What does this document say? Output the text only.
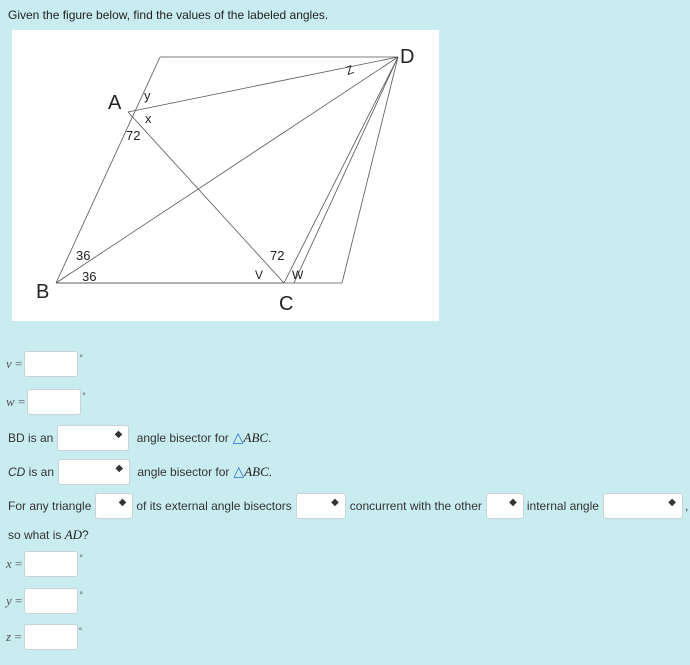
Given the figure below, find the values of the labeled angles.
A
B
C
D
y
x
72
36
36
72
V W
Z
v =	°
w =	°
BD is an	◆ angle bisector for △ ABC .
CD is an	◆ angle bisector for △ ABC .
For any triangle	◆ of its external angle bisectors	◆ concurrent with the other	◆ internal angle	◆ ,
so what is AD ?
x =	°
y =	°
z =	°
